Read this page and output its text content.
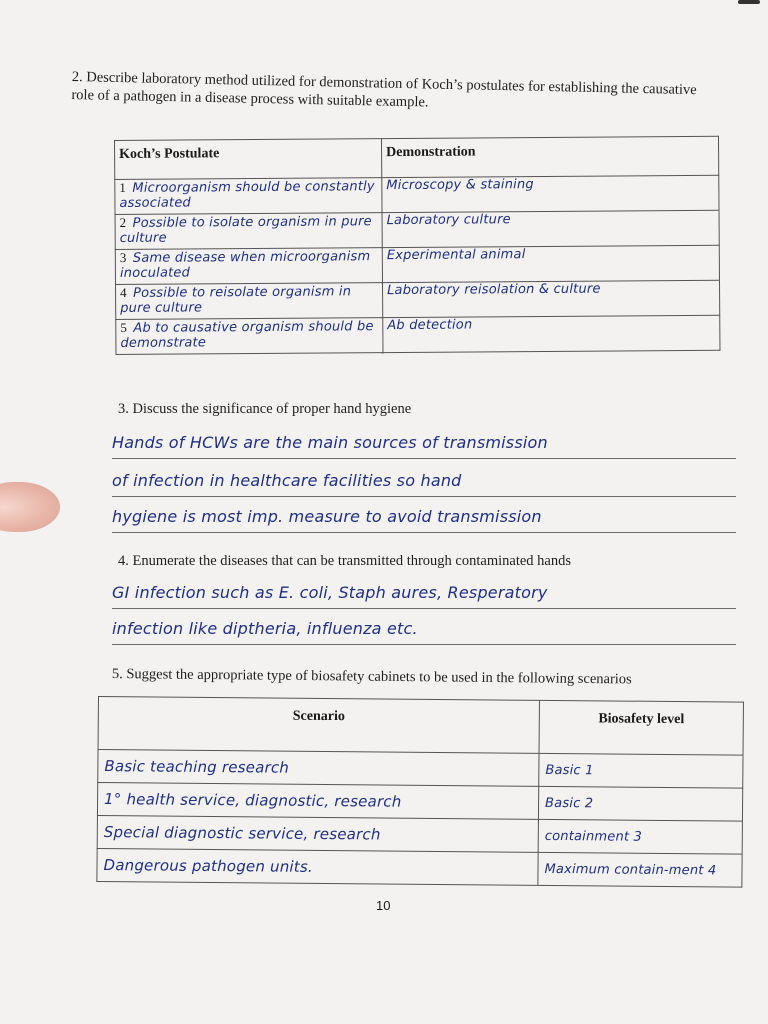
2. Describe laboratory method utilized for demonstration of Koch’s postulates for establishing the causative role of a pathogen in a disease process with suitable example.
Koch’s Postulate	Demonstration
1 Microorganism should be constantly associated	Microscopy & staining
2 Possible to isolate organism in pure culture	Laboratory culture
3 Same disease when microorganism inoculated	Experimental animal
4 Possible to reisolate organism in pure culture	Laboratory reisolation & culture
5 Ab to causative organism should be demonstrate	Ab detection
3. Discuss the significance of proper hand hygiene
Hands of HCWs are the main sources of transmission
of infection in healthcare facilities so hand
hygiene is most imp. measure to avoid transmission
4. Enumerate the diseases that can be transmitted through contaminated hands
GI infection such as E. coli, Staph aures, Resperatory
infection like diptheria, influenza etc.
5. Suggest the appropriate type of biosafety cabinets to be used in the following scenarios
Scenario	Biosafety level
Basic teaching research	Basic 1
1° health service, diagnostic, research	Basic 2
Special diagnostic service, research	containment 3
Dangerous pathogen units.	Maximum contain-ment 4
10
